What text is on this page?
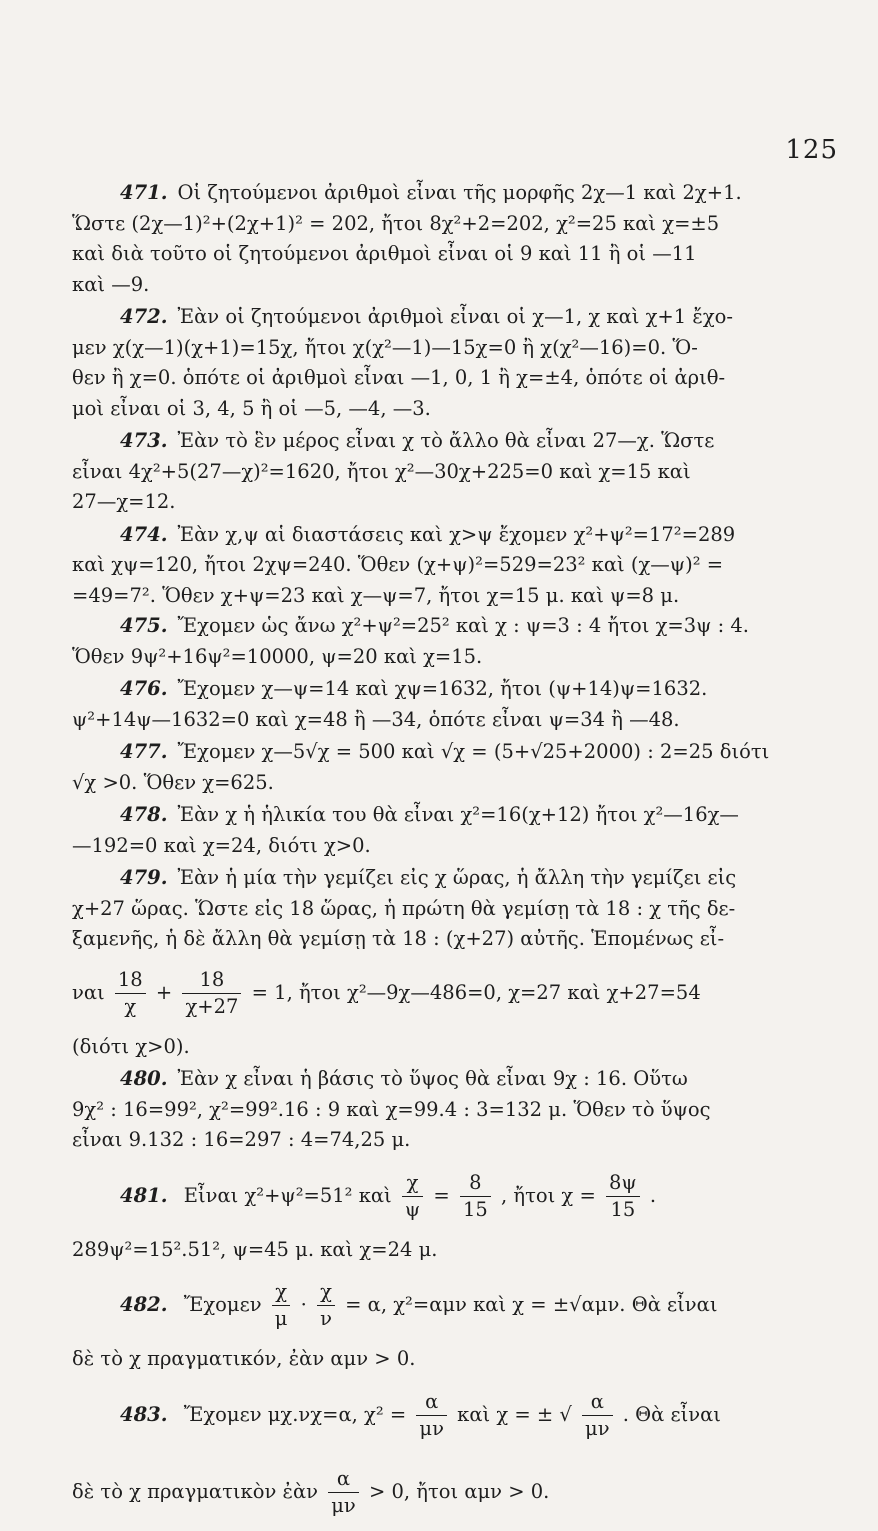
125
471. Οἱ ζητούμενοι ἀριθμοὶ εἶναι τῆς μορφῆς 2χ—1 καὶ 2χ+1.
Ὥστε (2χ—1)²+(2χ+1)² = 202, ἤτοι 8χ²+2=202, χ²=25 καὶ χ=±5
καὶ διὰ τοῦτο οἱ ζητούμενοι ἀριθμοὶ εἶναι οἱ 9 καὶ 11 ἢ οἱ —11
καὶ —9.
472. Ἐὰν οἱ ζητούμενοι ἀριθμοὶ εἶναι οἱ χ—1, χ καὶ χ+1 ἔχο-
μεν χ(χ—1)(χ+1)=15χ, ἤτοι χ(χ²—1)—15χ=0 ἢ χ(χ²—16)=0. Ὅ-
θεν ἢ χ=0. ὁπότε οἱ ἀριθμοὶ εἶναι —1, 0, 1 ἢ χ=±4, ὁπότε οἱ ἀριθ-
μοὶ εἶναι οἱ 3, 4, 5 ἢ οἱ —5, —4, —3.
473. Ἐὰν τὸ ἓν μέρος εἶναι χ τὸ ἄλλο θὰ εἶναι 27—χ. Ὥστε
εἶναι 4χ²+5(27—χ)²=1620, ἤτοι χ²—30χ+225=0 καὶ χ=15 καὶ
27—χ=12.
474. Ἐὰν χ,ψ αἱ διαστάσεις καὶ χ>ψ ἔχομεν χ²+ψ²=17²=289
καὶ χψ=120, ἤτοι 2χψ=240. Ὅθεν (χ+ψ)²=529=23² καὶ (χ—ψ)² =
=49=7². Ὅθεν χ+ψ=23 καὶ χ—ψ=7, ἤτοι χ=15 μ. καὶ ψ=8 μ.
475. Ἔχομεν ὡς ἄνω χ²+ψ²=25² καὶ χ : ψ=3 : 4 ἤτοι χ=3ψ : 4.
Ὅθεν 9ψ²+16ψ²=10000, ψ=20 καὶ χ=15.
476. Ἔχομεν χ—ψ=14 καὶ χψ=1632, ἤτοι (ψ+14)ψ=1632.
ψ²+14ψ—1632=0 καὶ χ=48 ἢ —34, ὁπότε εἶναι ψ=34 ἢ —48.
477. Ἔχομεν χ—5√χ = 500 καὶ √χ = (5+√25+2000) : 2=25 διότι
√χ >0. Ὅθεν χ=625.
478. Ἐὰν χ ἡ ἡλικία του θὰ εἶναι χ²=16(χ+12) ἤτοι χ²—16χ—
—192=0 καὶ χ=24, διότι χ>0.
479. Ἐὰν ἡ μία τὴν γεμίζει εἰς χ ὥρας, ἡ ἄλλη τὴν γεμίζει εἰς
χ+27 ὥρας. Ὥστε εἰς 18 ὥρας, ἡ πρώτη θὰ γεμίσῃ τὰ 18 : χ τῆς δε-
ξαμενῆς, ἡ δὲ ἄλλη θὰ γεμίσῃ τὰ 18 : (χ+27) αὐτῆς. Ἑπομένως εἶ-
ναι $\frac{18}{\chi} + \frac{18}{\chi+27} = 1$, ἤτοι χ²—9χ—486=0, χ=27 καὶ χ+27=54
(διότι χ>0).
480. Ἐὰν χ εἶναι ἡ βάσις τὸ ὕψος θὰ εἶναι 9χ : 16. Οὕτω
9χ² : 16=99², χ²=99².16 : 9 καὶ χ=99.4 : 3=132 μ. Ὅθεν τὸ ὕψος
εἶναι 9.132 : 16=297 : 4=74,25 μ.
481. Εἶναι χ²+ψ²=51² καὶ $\frac{\chi}{\psi} = \frac{8}{15}$ , ἤτοι $\chi = \frac{8\psi}{15}$ .
289ψ²=15².51², ψ=45 μ. καὶ χ=24 μ.
482. Ἔχομεν $\frac{\chi}{\mu} \cdot \frac{\chi}{\nu} = \alpha$, χ²=αμν καὶ χ = ±√αμν. Θὰ εἶναι
δὲ τὸ χ πραγματικόν, ἐὰν αμν > 0.
483. Ἔχομεν μχ.νχ=α, $\chi^2 = \frac{\alpha}{\mu\nu}$ καὶ χ = ± √ $\frac{\alpha}{\mu\nu}$ . Θὰ εἶναι
δὲ τὸ χ πραγματικὸν ἐὰν $\frac{\alpha}{\mu\nu} > 0$, ἤτοι αμν > 0.
